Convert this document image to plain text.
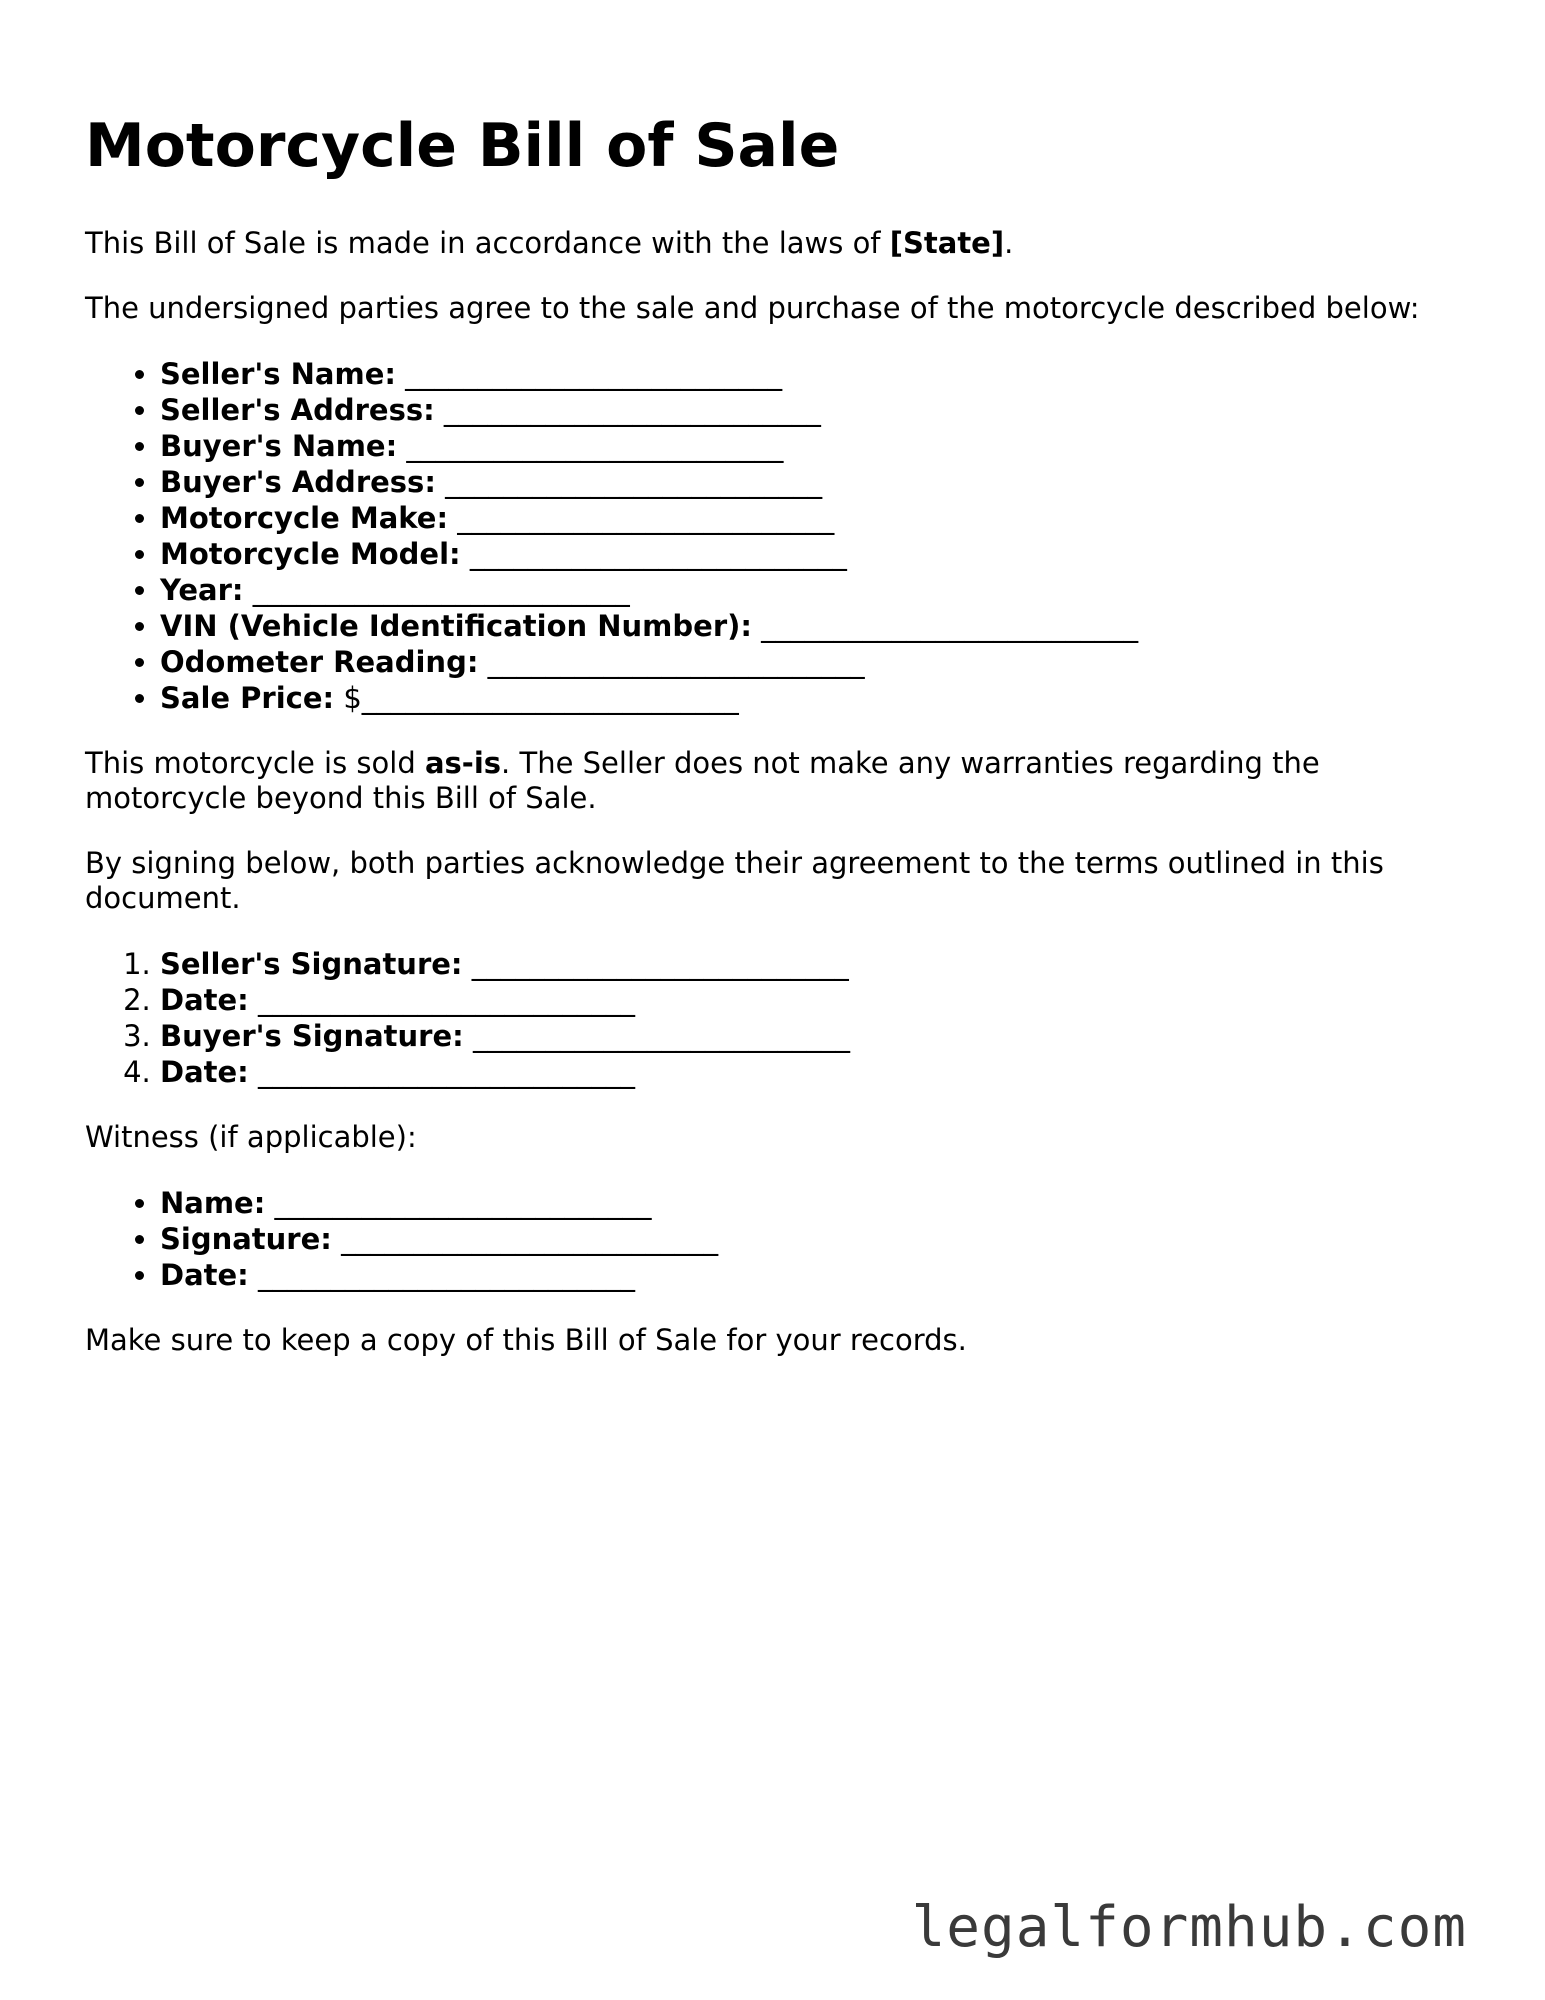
Motorcycle Bill of Sale

This Bill of Sale is made in accordance with the laws of [State].

The undersigned parties agree to the sale and purchase of the motorcycle described below:

• Seller's Name: __________________________
• Seller's Address: __________________________
• Buyer's Name: __________________________
• Buyer's Address: __________________________
• Motorcycle Make: __________________________
• Motorcycle Model: __________________________
• Year: __________________________
• VIN (Vehicle Identification Number): __________________________
• Odometer Reading: __________________________
• Sale Price: $__________________________

This motorcycle is sold as-is. The Seller does not make any warranties regarding the motorcycle beyond this Bill of Sale.

By signing below, both parties acknowledge their agreement to the terms outlined in this document.

1. Seller's Signature: __________________________
2. Date: __________________________
3. Buyer's Signature: __________________________
4. Date: __________________________

Witness (if applicable):

• Name: __________________________
• Signature: __________________________
• Date: __________________________

Make sure to keep a copy of this Bill of Sale for your records.

legalformhub.com
